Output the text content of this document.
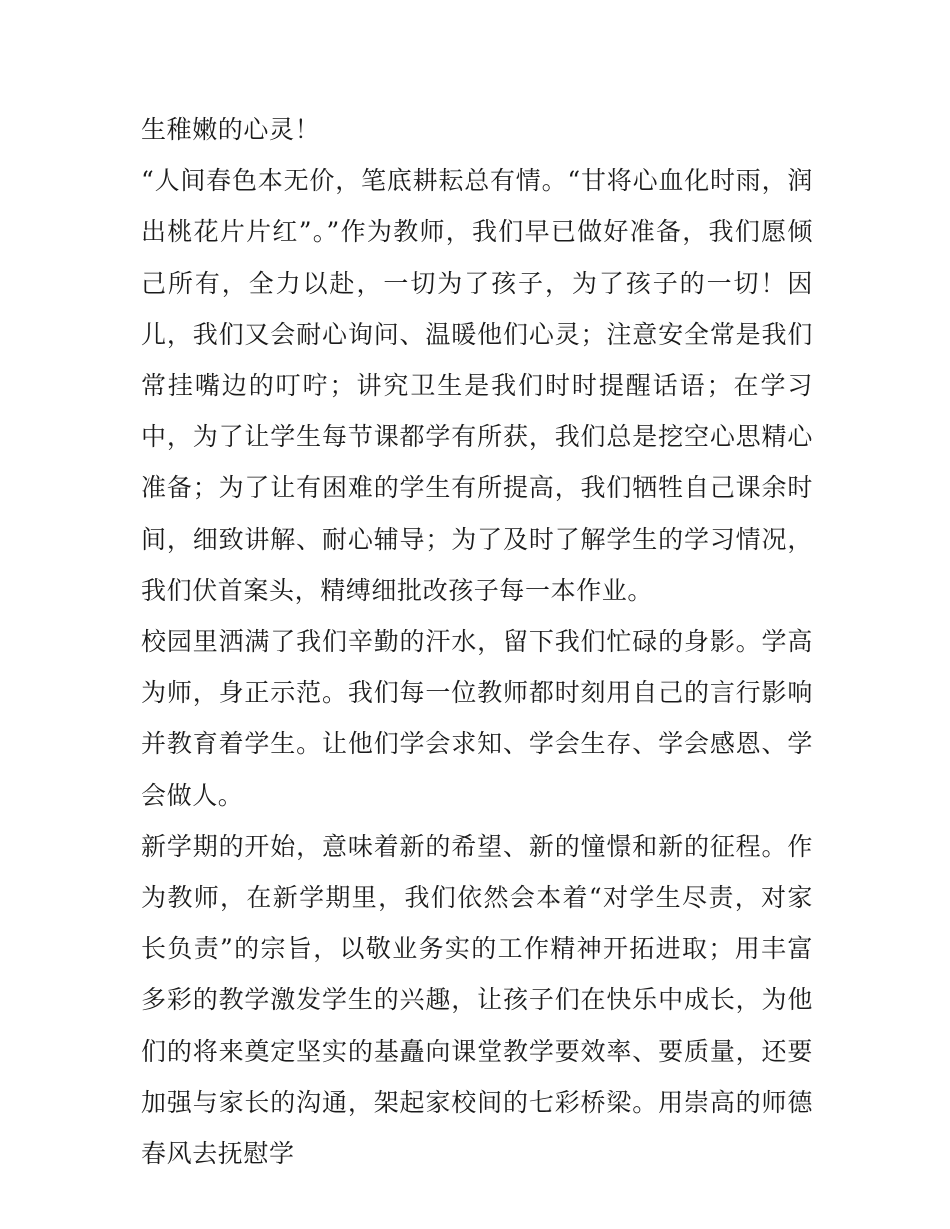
生稚嫩的心灵！

“人间春色本无价，笔底耕耘总有情。“甘将心血化时雨，润出桃花片片红”。”作为教师，我们早已做好准备，我们愿倾己所有，全力以赴，一切为了孩子，为了孩子的一切！因儿，我们又会耐心询问、温暖他们心灵；注意安全常是我们常挂嘴边的叮咛；讲究卫生是我们时时提醒话语；在学习中，为了让学生每节课都学有所获，我们总是挖空心思精心准备；为了让有困难的学生有所提高，我们牺牲自己课余时间，细致讲解、耐心辅导；为了及时了解学生的学习情况，我们伏首案头，精缚细批改孩子每一本作业。

校园里洒满了我们辛勤的汗水，留下我们忙碌的身影。学高为师，身正示范。我们每一位教师都时刻用自己的言行影响并教育着学生。让他们学会求知、学会生存、学会感恩、学会做人。

新学期的开始，意味着新的希望、新的憧憬和新的征程。作为教师，在新学期里，我们依然会本着“对学生尽责，对家长负责”的宗旨，以敬业务实的工作精神开拓进取；用丰富多彩的教学激发学生的兴趣，让孩子们在快乐中成长，为他们的将来奠定坚实的基矗向课堂教学要效率、要质量，还要加强与家长的沟通，架起家校间的七彩桥梁。用崇高的师德春风去抚慰学
